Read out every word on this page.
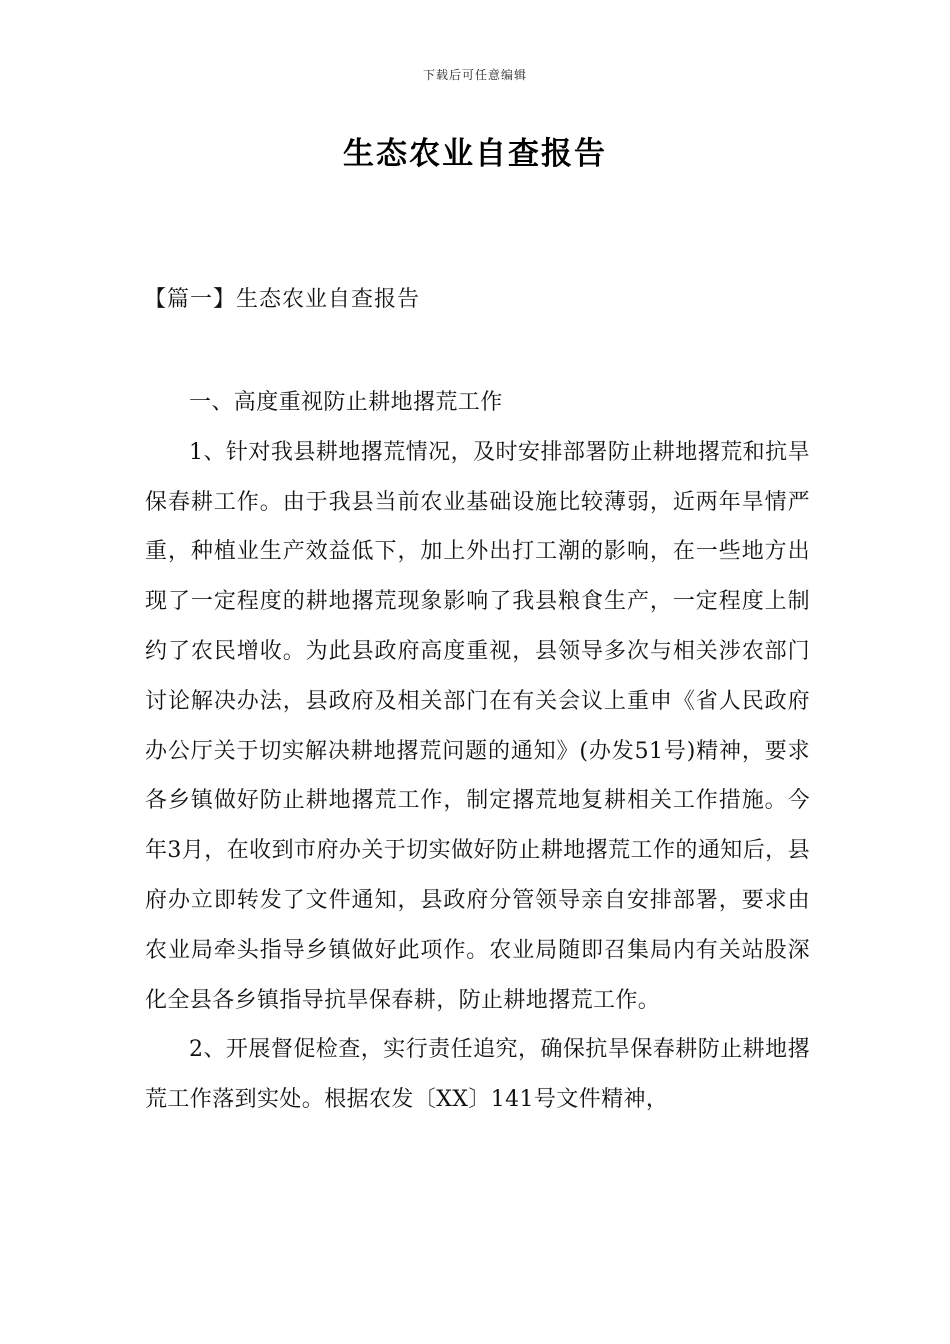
下载后可任意编辑
生态农业自查报告
【篇一】生态农业自查报告

一、高度重视防止耕地撂荒工作

1、针对我县耕地撂荒情况，及时安排部署防止耕地撂荒和抗旱保春耕工作。由于我县当前农业基础设施比较薄弱，近两年旱情严重，种植业生产效益低下，加上外出打工潮的影响，在一些地方出现了一定程度的耕地撂荒现象影响了我县粮食生产，一定程度上制约了农民增收。为此县政府高度重视，县领导多次与相关涉农部门讨论解决办法，县政府及相关部门在有关会议上重申《省人民政府办公厅关于切实解决耕地撂荒问题的通知》(办发51号)精神，要求各乡镇做好防止耕地撂荒工作，制定撂荒地复耕相关工作措施。今年3月，在收到市府办关于切实做好防止耕地撂荒工作的通知后，县府办立即转发了文件通知，县政府分管领导亲自安排部署，要求由农业局牵头指导乡镇做好此项作。农业局随即召集局内有关站股深化全县各乡镇指导抗旱保春耕，防止耕地撂荒工作。

2、开展督促检查，实行责任追究，确保抗旱保春耕防止耕地撂荒工作落到实处。根据农发〔XX〕141号文件精神，
